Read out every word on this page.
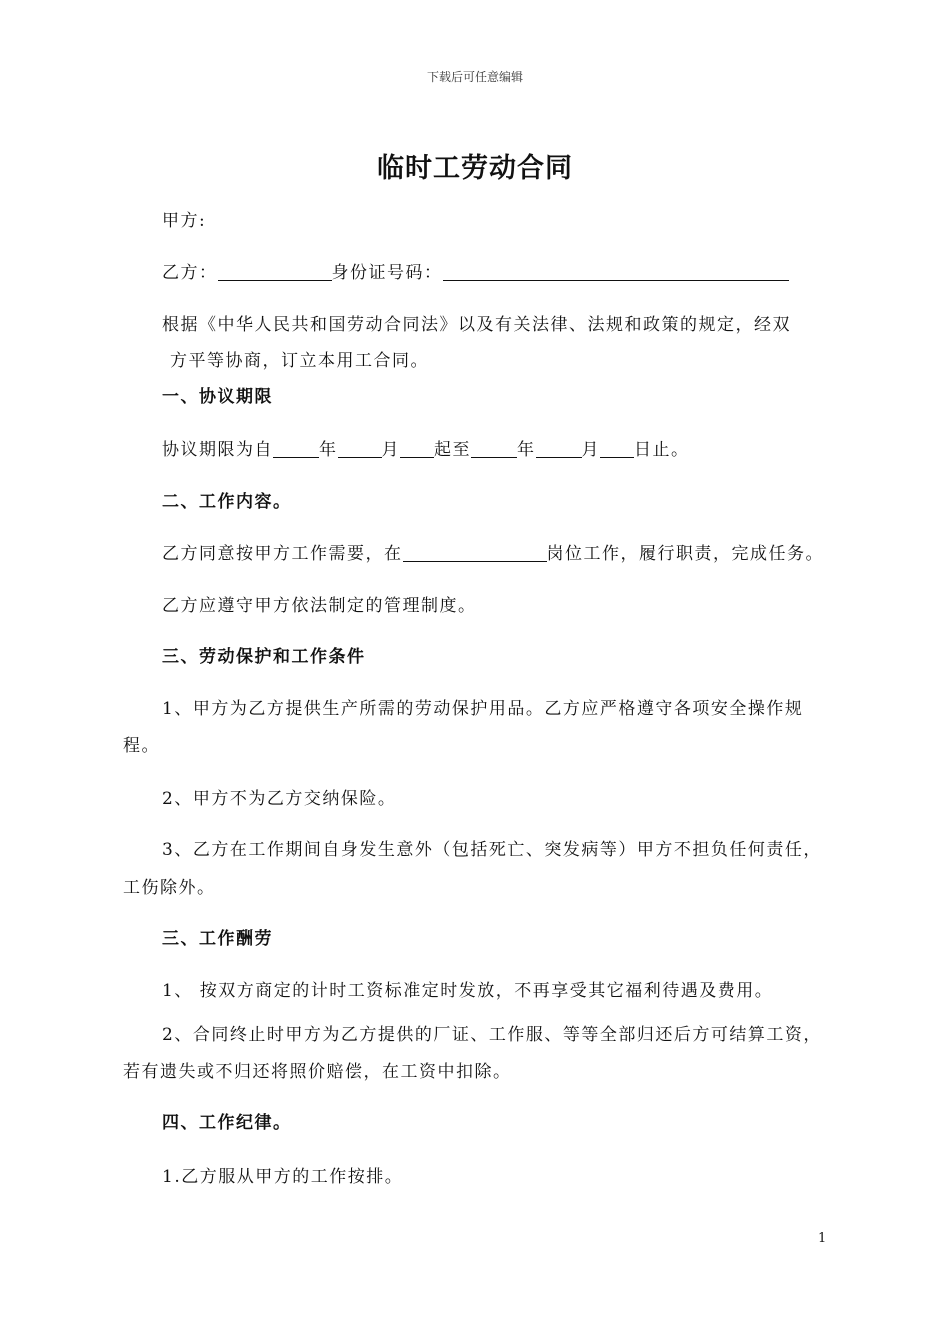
下载后可任意编辑
临时工劳动合同
甲方:
乙方：	身份证号码：
根据《中华人民共和国劳动合同法》以及有关法律、法规和政策的规定，经双
方平等协商，订立本用工合同。
一、协议期限
协议期限为自	年	月 起至	年	月 日止。
二、工作内容。
乙方同意按甲方工作需要，在	岗位工作，履行职责，完成任务。
乙方应遵守甲方依法制定的管理制度。
三、劳动保护和工作条件
1、甲方为乙方提供生产所需的劳动保护用品。乙方应严格遵守各项安全操作规
程。
2、甲方不为乙方交纳保险。
3、乙方在工作期间自身发生意外（包括死亡、突发病等）甲方不担负任何责任，
工伤除外。
三、工作酬劳
1、 按双方商定的计时工资标准定时发放，不再享受其它福利待遇及费用。
2、合同终止时甲方为乙方提供的厂证、工作服、等等全部归还后方可结算工资，
若有遗失或不归还将照价赔偿，在工资中扣除。
四、工作纪律。
1.乙方服从甲方的工作按排。
1
